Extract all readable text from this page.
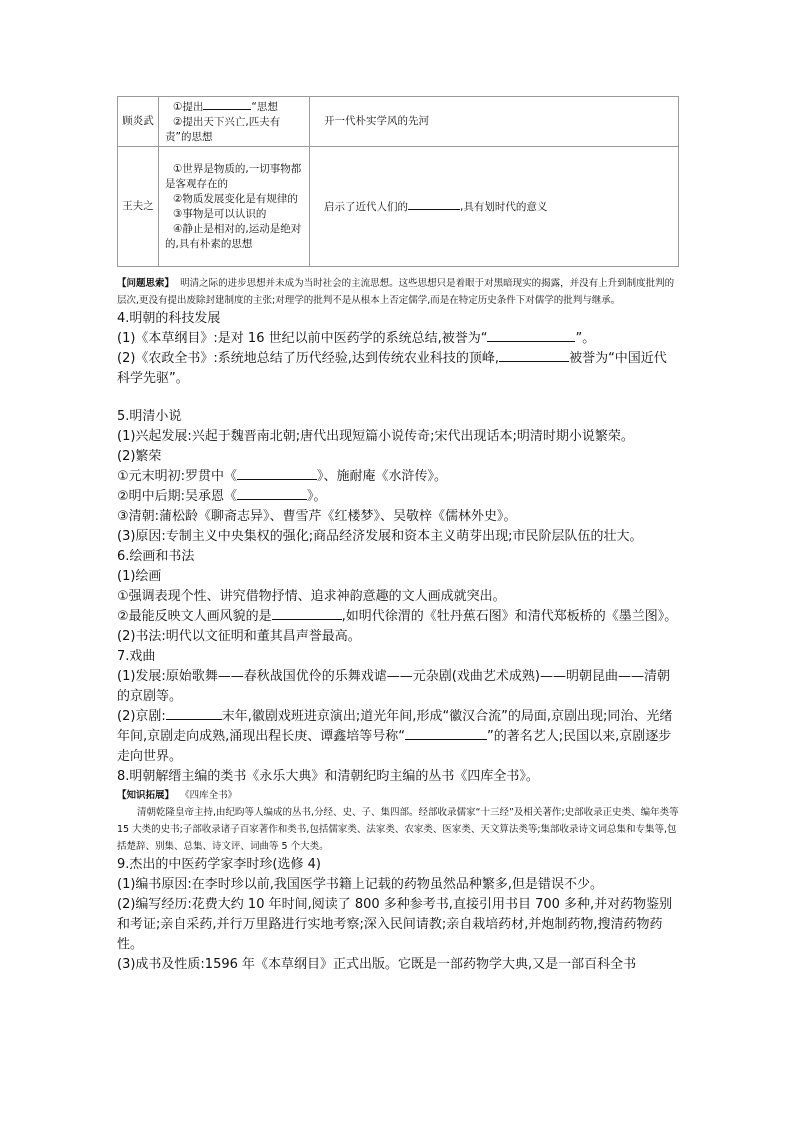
顾炎武	①提出 “思想
②提出天下兴亡,匹夫有责”的思想	开一代朴实学风的先河
王夫之	①世界是物质的,一切事物都是客观存在的
②物质发展变化是有规律的
③事物是可以认识的
④静止是相对的,运动是绝对的,具有朴素的思想	启示了近代人们的 ,具有划时代的意义
【问题思索】 明清之际的进步思想并未成为当时社会的主流思想。这些思想只是着眼于对黑暗现实的揭露，并没有上升到制度批判的层次,更没有提出废除封建制度的主张;对理学的批判不是从根本上否定儒学,而是在特定历史条件下对儒学的批判与继承。
4.明朝的科技发展

(1)《本草纲目》:是对 16 世纪以前中医药学的系统总结,被誉为“	”。

(2)《农政全书》:系统地总结了历代经验,达到传统农业科技的顶峰,	被誉为“中国近代科学先驱”。

5.明清小说

(1)兴起发展:兴起于魏晋南北朝;唐代出现短篇小说传奇;宋代出现话本;明清时期小说繁荣。

(2)繁荣

①元末明初:罗贯中《	》、施耐庵《水浒传》。

②明中后期:吴承恩《	》。

③清朝:蒲松龄《聊斋志异》、曹雪芹《红楼梦》、吴敬梓《儒林外史》。

(3)原因:专制主义中央集权的强化;商品经济发展和资本主义萌芽出现;市民阶层队伍的壮大。

6.绘画和书法

(1)绘画

①强调表现个性、讲究借物抒情、追求神韵意趣的文人画成就突出。

②最能反映文人画风貌的是	,如明代徐渭的《牡丹蕉石图》和清代郑板桥的《墨兰图》。

(2)书法:明代以文征明和董其昌声誉最高。

7.戏曲

(1)发展:原始歌舞——春秋战国优伶的乐舞戏谑——元杂剧(戏曲艺术成熟)——明朝昆曲——清朝的京剧等。

(2)京剧:	末年,徽剧戏班进京演出;道光年间,形成“徽汉合流”的局面,京剧出现;同治、光绪年间,京剧走向成熟,涌现出程长庚、谭鑫培等号称“	”的著名艺人;民国以来,京剧逐步走向世界。

8.明朝解缙主编的类书《永乐大典》和清朝纪昀主编的丛书《四库全书》。

【知识拓展】 《四库全书》
清朝乾隆皇帝主持,由纪昀等人编成的丛书,分经、史、子、集四部。经部收录儒家“十三经”及相关著作;史部收录正史类、编年类等 15 大类的史书;子部收录诸子百家著作和类书,包括儒家类、法家类、农家类、医家类、天文算法类等;集部收录诗文词总集和专集等,包括楚辞、别集、总集、诗文评、词曲等 5 个大类。
9.杰出的中医药学家李时珍(选修 4)

(1)编书原因:在李时珍以前,我国医学书籍上记载的药物虽然品种繁多,但是错误不少。

(2)编写经历:花费大约 10 年时间,阅读了 800 多种参考书,直接引用书目 700 多种,并对药物鉴别和考证;亲自采药,并行万里路进行实地考察;深入民间请教;亲自栽培药材,并炮制药物,搜清药物药性。

(3)成书及性质:1596 年《本草纲目》正式出版。它既是一部药物学大典,又是一部百科全书
